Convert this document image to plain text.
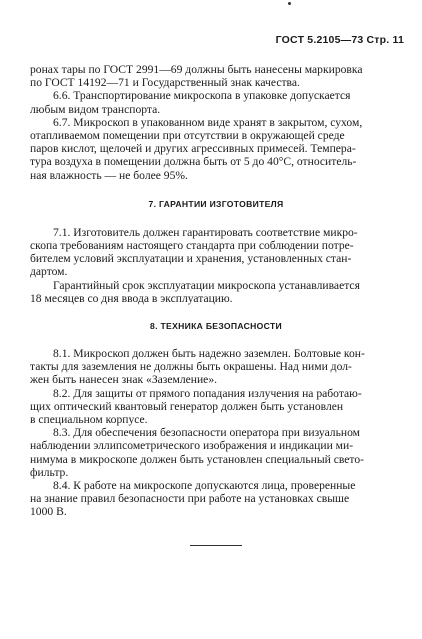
ГОСТ 5.2105—73 Стр. 11

ронах тары по ГОСТ 2991—69 должны быть нанесены маркировка
по ГОСТ 14192—71 и Государственный знак качества.

6.6. Транспортирование микроскопа в упаковке допускается
любым видом транспорта.

6.7. Микроскоп в упакованном виде хранят в закрытом, сухом,
отапливаемом помещении при отсутствии в окружающей среде
паров кислот, щелочей и других агрессивных примесей. Темпера-
тура воздуха в помещении должна быть от 5 до 40°С, относитель-
ная влажность — не более 95%.

7. ГАРАНТИИ ИЗГОТОВИТЕЛЯ

7.1. Изготовитель должен гарантировать соответствие микро-
скопа требованиям настоящего стандарта при соблюдении потре-
бителем условий эксплуатации и хранения, установленных стан-
дартом.

Гарантийный срок эксплуатации микроскопа устанавливается
18 месяцев со дня ввода в эксплуатацию.

8. ТЕХНИКА БЕЗОПАСНОСТИ

8.1. Микроскоп должен быть надежно заземлен. Болтовые кон-
такты для заземления не должны быть окрашены. Над ними дол-
жен быть нанесен знак «Заземление».

8.2. Для защиты от прямого попадания излучения на работаю-
щих оптический квантовый генератор должен быть установлен
в специальном корпусе.

8.3. Для обеспечения безопасности оператора при визуальном
наблюдении эллипсометрического изображения и индикации ми-
нимума в микроскопе должен быть установлен специальный свето-
фильтр.

8.4. К работе на микроскопе допускаются лица, проверенные
на знание правил безопасности при работе на установках свыше
1000 В.
